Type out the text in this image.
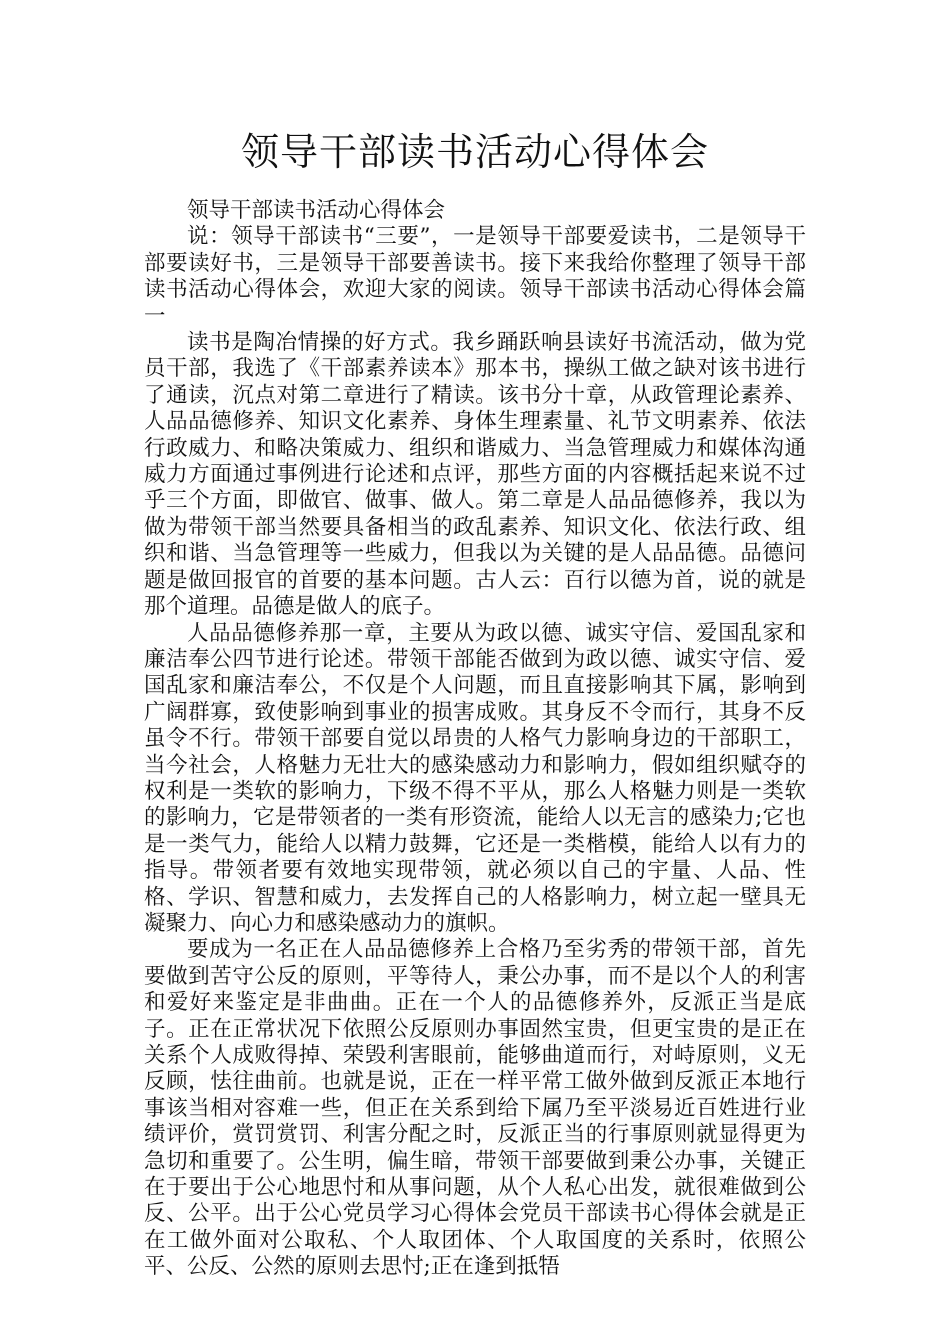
领导干部读书活动心得体会

领导干部读书活动心得体会

说：领导干部读书“三要”，一是领导干部要爱读书，二是领导干部要读好书，三是领导干部要善读书。接下来我给你整理了领导干部读书活动心得体会，欢迎大家的阅读。领导干部读书活动心得体会篇一

读书是陶冶情操的好方式。我乡踊跃响县读好书流活动，做为党员干部，我选了《干部素养读本》那本书，操纵工做之缺对该书进行了通读，沉点对第二章进行了精读。该书分十章，从政管理论素养、人品品德修养、知识文化素养、身体生理素量、礼节文明素养、依法行政威力、和略决策威力、组织和谐威力、当急管理威力和媒体沟通威力方面通过事例进行论述和点评，那些方面的内容概括起来说不过乎三个方面，即做官、做事、做人。第二章是人品品德修养，我以为做为带领干部当然要具备相当的政乱素养、知识文化、依法行政、组织和谐、当急管理等一些威力，但我以为关键的是人品品德。品德问题是做回报官的首要的基本问题。古人云：百行以德为首，说的就是那个道理。品德是做人的底子。

人品品德修养那一章，主要从为政以德、诚实守信、爱国乱家和廉洁奉公四节进行论述。带领干部能否做到为政以德、诚实守信、爱国乱家和廉洁奉公，不仅是个人问题，而且直接影响其下属，影响到广阔群寡，致使影响到事业的损害成败。其身反不令而行，其身不反虽令不行。带领干部要自觉以昂贵的人格气力影响身边的干部职工，当今社会，人格魅力无壮大的感染感动力和影响力，假如组织赋夺的权利是一类软的影响力，下级不得不平从，那么人格魅力则是一类软的影响力，它是带领者的一类有形资流，能给人以无言的感染力;它也是一类气力，能给人以精力鼓舞，它还是一类楷模，能给人以有力的指导。带领者要有效地实现带领，就必须以自己的宇量、人品、性格、学识、智慧和威力，去发挥自己的人格影响力，树立起一壁具无凝聚力、向心力和感染感动力的旗帜。

要成为一名正在人品品德修养上合格乃至劣秀的带领干部，首先要做到苦守公反的原则，平等待人，秉公办事，而不是以个人的利害和爱好来鉴定是非曲曲。正在一个人的品德修养外，反派正当是底子。正在正常状况下依照公反原则办事固然宝贵，但更宝贵的是正在关系个人成败得掉、荣毁利害眼前，能够曲道而行，对峙原则，义无反顾，怯往曲前。也就是说，正在一样平常工做外做到反派正本地行事该当相对容难一些，但正在关系到给下属乃至平淡易近百姓进行业绩评价，赏罚赏罚、利害分配之时，反派正当的行事原则就显得更为急切和重要了。公生明，偏生暗，带领干部要做到秉公办事，关键正在于要出于公心地思忖和从事问题，从个人私心出发，就很难做到公反、公平。出于公心党员学习心得体会党员干部读书心得体会就是正在工做外面对公取私、个人取团体、个人取国度的关系时，依照公平、公反、公然的原则去思忖;正在逢到抵牾
